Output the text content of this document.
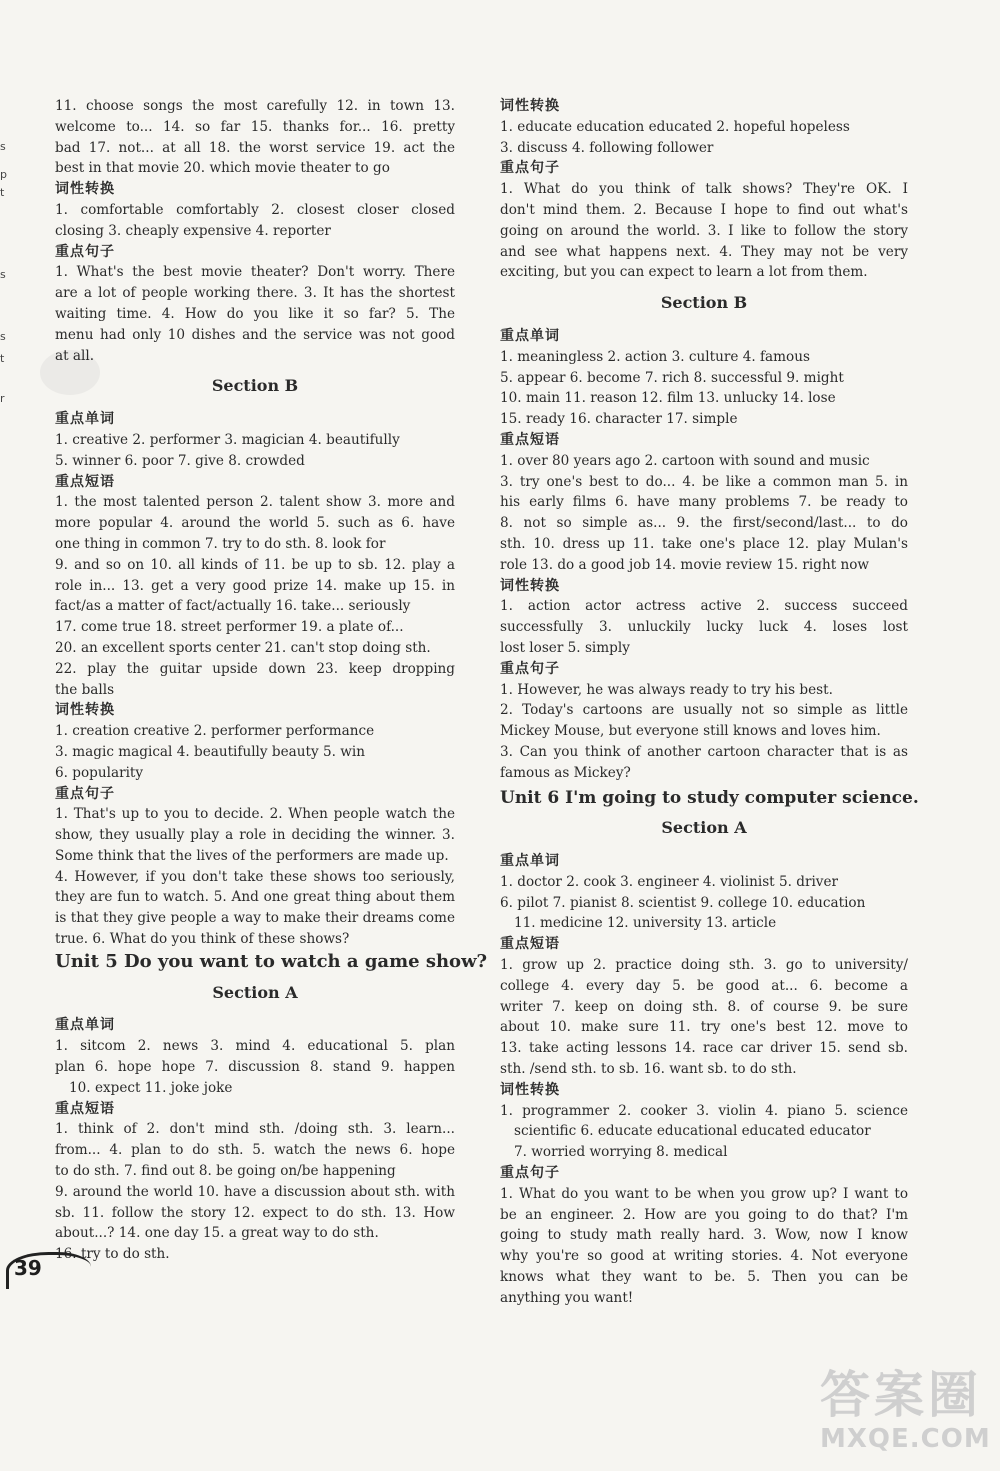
s
p
t
s
s
t
r
11. choose songs the most carefully 12. in town 13.
welcome to... 14. so far 15. thanks for... 16. pretty
bad 17. not... at all 18. the worst service 19. act the
best in that movie 20. which movie theater to go
词性转换
1. comfortable comfortably 2. closest closer closed
closing 3. cheaply expensive 4. reporter
重点句子
1. What's the best movie theater? Don't worry. There
are a lot of people working there. 3. It has the shortest
waiting time. 4. How do you like it so far? 5. The
menu had only 10 dishes and the service was not good
at all.
Section B
重点单词
1. creative 2. performer 3. magician 4. beautifully
5. winner 6. poor 7. give 8. crowded
重点短语
1. the most talented person 2. talent show 3. more and
more popular 4. around the world 5. such as 6. have
one thing in common 7. try to do sth. 8. look for
9. and so on 10. all kinds of 11. be up to sb. 12. play a
role in... 13. get a very good prize 14. make up 15. in
fact/as a matter of fact/actually 16. take... seriously
17. come true 18. street performer 19. a plate of...
20. an excellent sports center 21. can't stop doing sth.
22. play the guitar upside down 23. keep dropping
the balls
词性转换
1. creation creative 2. performer performance
3. magic magical 4. beautifully beauty 5. win
6. popularity
重点句子
1. That's up to you to decide. 2. When people watch the
show, they usually play a role in deciding the winner. 3.
Some think that the lives of the performers are made up.
4. However, if you don't take these shows too seriously,
they are fun to watch. 5. And one great thing about them
is that they give people a way to make their dreams come
true. 6. What do you think of these shows?
Unit 5 Do you want to watch a game show?
Section A
重点单词
1. sitcom 2. news 3. mind 4. educational 5. plan
plan 6. hope hope 7. discussion 8. stand 9. happen
10. expect 11. joke joke
重点短语
1. think of 2. don't mind sth. /doing sth. 3. learn...
from... 4. plan to do sth. 5. watch the news 6. hope
to do sth. 7. find out 8. be going on/be happening
9. around the world 10. have a discussion about sth. with
sb. 11. follow the story 12. expect to do sth. 13. How
about...? 14. one day 15. a great way to do sth.
16. try to do sth.
词性转换
1. educate education educated 2. hopeful hopeless
3. discuss 4. following follower
重点句子
1. What do you think of talk shows? They're OK. I
don't mind them. 2. Because I hope to find out what's
going on around the world. 3. I like to follow the story
and see what happens next. 4. They may not be very
exciting, but you can expect to learn a lot from them.
Section B
重点单词
1. meaningless 2. action 3. culture 4. famous
5. appear 6. become 7. rich 8. successful 9. might
10. main 11. reason 12. film 13. unlucky 14. lose
15. ready 16. character 17. simple
重点短语
1. over 80 years ago 2. cartoon with sound and music
3. try one's best to do... 4. be like a common man 5. in
his early films 6. have many problems 7. be ready to
8. not so simple as... 9. the first/second/last... to do
sth. 10. dress up 11. take one's place 12. play Mulan's
role 13. do a good job 14. movie review 15. right now
词性转换
1. action actor actress active 2. success succeed
successfully 3. unluckily lucky luck 4. loses lost
lost loser 5. simply
重点句子
1. However, he was always ready to try his best.
2. Today's cartoons are usually not so simple as little
Mickey Mouse, but everyone still knows and loves him.
3. Can you think of another cartoon character that is as
famous as Mickey?
Unit 6 I'm going to study computer science.
Section A
重点单词
1. doctor 2. cook 3. engineer 4. violinist 5. driver
6. pilot 7. pianist 8. scientist 9. college 10. education
11. medicine 12. university 13. article
重点短语
1. grow up 2. practice doing sth. 3. go to university/
college 4. every day 5. be good at... 6. become a
writer 7. keep on doing sth. 8. of course 9. be sure
about 10. make sure 11. try one's best 12. move to
13. take acting lessons 14. race car driver 15. send sb.
sth. /send sth. to sb. 16. want sb. to do sth.
词性转换
1. programmer 2. cooker 3. violin 4. piano 5. science
scientific 6. educate educational educated educator
7. worried worrying 8. medical
重点句子
1. What do you want to be when you grow up? I want to
be an engineer. 2. How are you going to do that? I'm
going to study math really hard. 3. Wow, now I know
why you're so good at writing stories. 4. Not everyone
knows what they want to be. 5. Then you can be
anything you want!
39
答案圈
MXQE.COM
